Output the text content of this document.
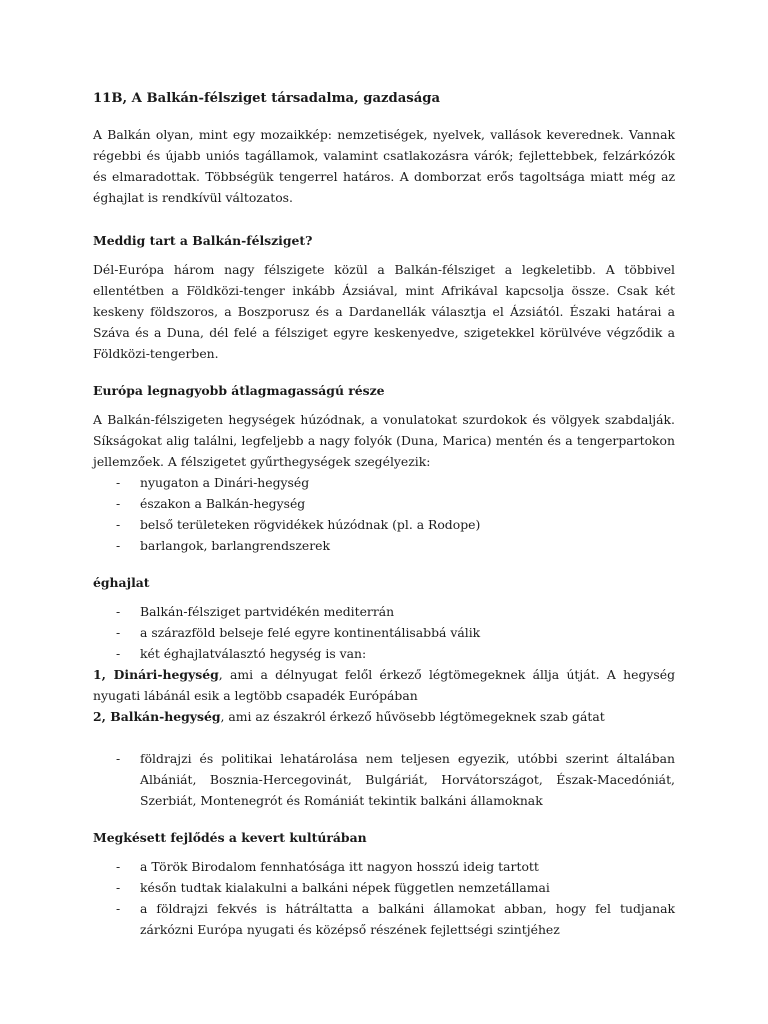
11B, A Balkán-félsziget társadalma, gazdasága

A Balkán olyan, mint egy mozaikkép: nemzetiségek, nyelvek, vallások keverednek. Vannak régebbi és újabb uniós tagállamok, valamint csatlakozásra várók; fejlettebbek, felzárkózók és elmaradottak. Többségük tengerrel határos. A domborzat erős tagoltsága miatt még az éghajlat is rendkívül változatos.

Meddig tart a Balkán-félsziget?

Dél-Európa három nagy félszigete közül a Balkán-félsziget a legkeletibb. A többivel ellentétben a Földközi-tenger inkább Ázsiával, mint Afrikával kapcsolja össze. Csak két keskeny földszoros, a Boszporusz és a Dardanellák választja el Ázsiától. Északi határai a Száva és a Duna, dél felé a félsziget egyre keskenyedve, szigetekkel körülvéve végződik a Földközi-tengerben.

Európa legnagyobb átlagmagasságú része

A Balkán-félszigeten hegységek húzódnak, a vonulatokat szurdokok és völgyek szabdalják. Síkságokat alig találni, legfeljebb a nagy folyók (Duna, Marica) mentén és a tengerpartokon jellemzőek. A félszigetet gyűrthegységek szegélyezik:

- nyugaton a Dinári-hegység
- északon a Balkán-hegység
- belső területeken rögvidékek húzódnak (pl. a Rodope)
- barlangok, barlangrendszerek
éghajlat
- Balkán-félsziget partvidékén mediterrán
- a szárazföld belseje felé egyre kontinentálisabbá válik
- két éghajlatválasztó hegység is van:

1, Dinári-hegység, ami a délnyugat felől érkező légtömegeknek állja útját. A hegység nyugati lábánál esik a legtöbb csapadék Európában

2, Balkán-hegység, ami az északról érkező hűvösebb légtömegeknek szab gátat

- földrajzi és politikai lehatárolása nem teljesen egyezik, utóbbi szerint általában Albániát, Bosznia-Hercegovinát, Bulgáriát, Horvátországot, Észak-Macedóniát, Szerbiát, Montenegrót és Romániát tekintik balkáni államoknak
Megkésett fejlődés a kevert kultúrában
- a Török Birodalom fennhatósága itt nagyon hosszú ideig tartott
- későn tudtak kialakulni a balkáni népek független nemzetállamai
- a földrajzi fekvés is hátráltatta a balkáni államokat abban, hogy fel tudjanak zárkózni Európa nyugati és középső részének fejlettségi szintjéhez
